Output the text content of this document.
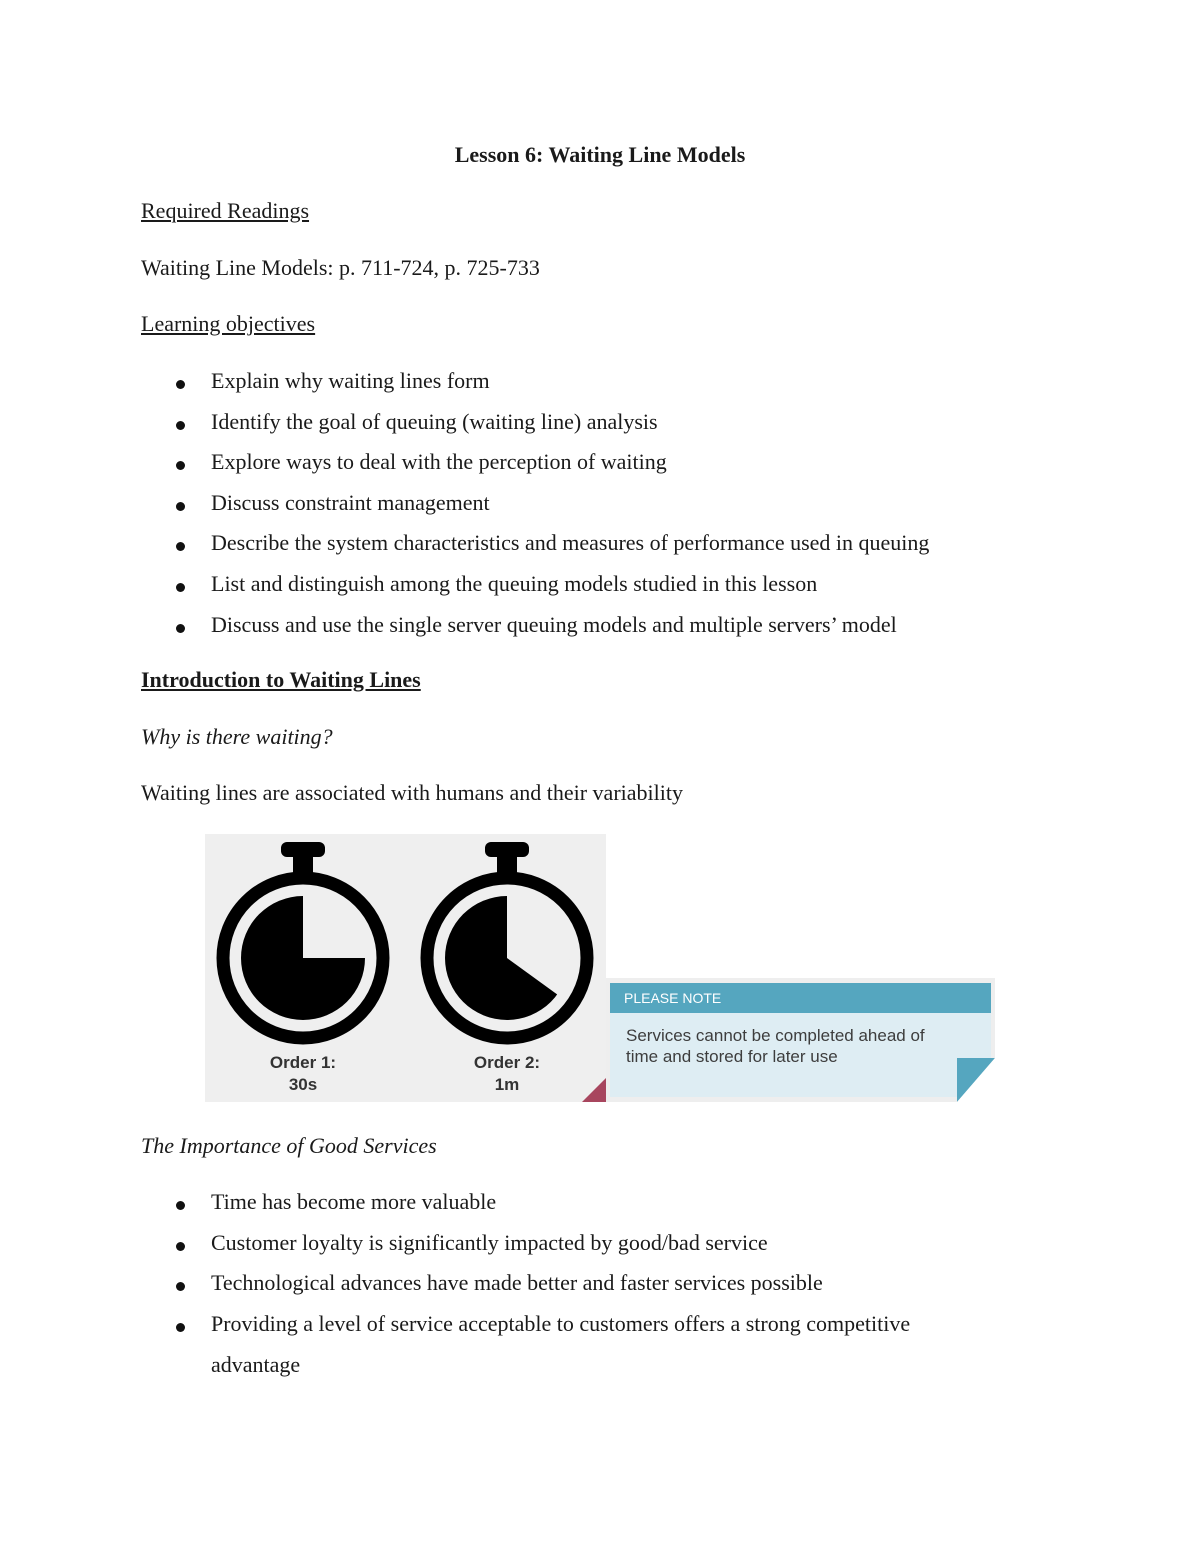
Lesson 6: Waiting Line Models

Required Readings

Waiting Line Models: p. 711-724, p. 725-733

Learning objectives

Explain why waiting lines form
Identify the goal of queuing (waiting line) analysis
Explore ways to deal with the perception of waiting
Discuss constraint management
Describe the system characteristics and measures of performance used in queuing
List and distinguish among the queuing models studied in this lesson
Discuss and use the single server queuing models and multiple servers’ model

Introduction to Waiting Lines

Why is there waiting?

Waiting lines are associated with humans and their variability

Order 1:
30s
Order 2:
1m
PLEASE NOTE
Services cannot be completed ahead of time and stored for later use

The Importance of Good Services

Time has become more valuable
Customer loyalty is significantly impacted by good/bad service
Technological advances have made better and faster services possible
Providing a level of service acceptable to customers offers a strong competitive

advantage
